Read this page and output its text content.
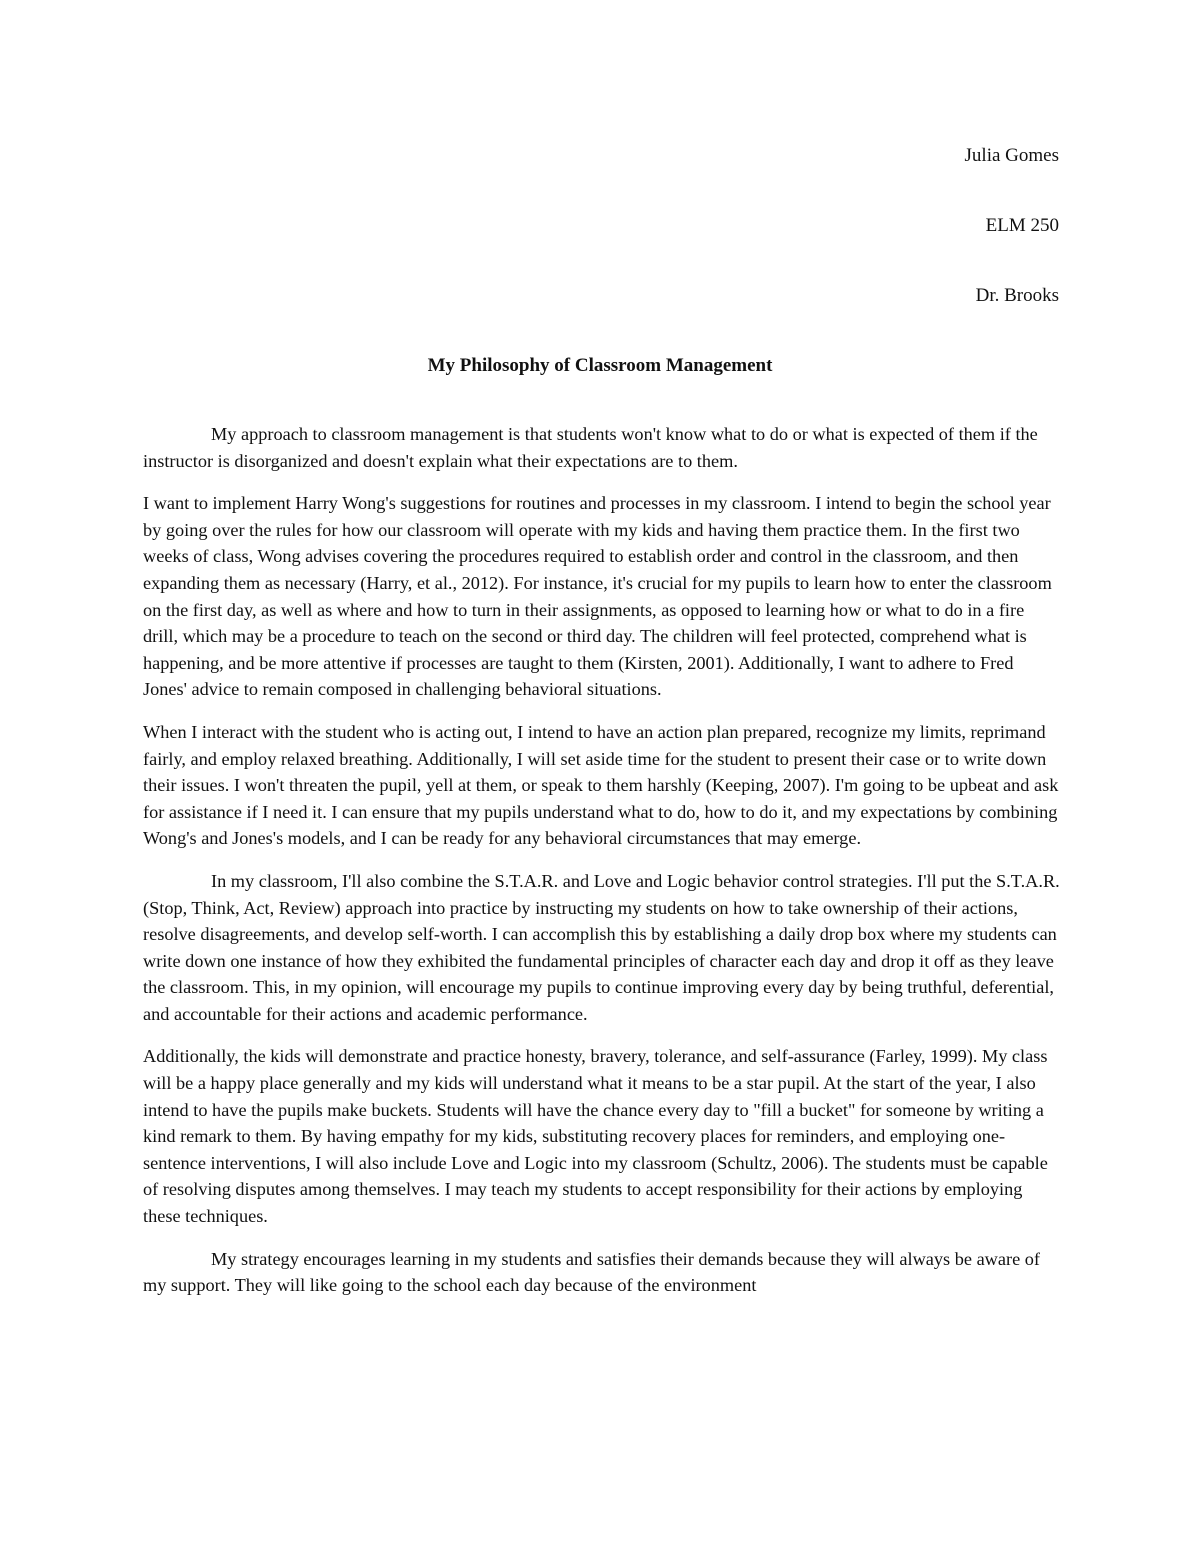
Julia Gomes
ELM 250
Dr. Brooks
My Philosophy of Classroom Management

My approach to classroom management is that students won't know what to do or what is expected of them if the instructor is disorganized and doesn't explain what their expectations are to them.

I want to implement Harry Wong's suggestions for routines and processes in my classroom. I intend to begin the school year by going over the rules for how our classroom will operate with my kids and having them practice them. In the first two weeks of class, Wong advises covering the procedures required to establish order and control in the classroom, and then expanding them as necessary (Harry, et al., 2012). For instance, it's crucial for my pupils to learn how to enter the classroom on the first day, as well as where and how to turn in their assignments, as opposed to learning how or what to do in a fire drill, which may be a procedure to teach on the second or third day. The children will feel protected, comprehend what is happening, and be more attentive if processes are taught to them (Kirsten, 2001). Additionally, I want to adhere to Fred Jones' advice to remain composed in challenging behavioral situations.

When I interact with the student who is acting out, I intend to have an action plan prepared, recognize my limits, reprimand fairly, and employ relaxed breathing. Additionally, I will set aside time for the student to present their case or to write down their issues. I won't threaten the pupil, yell at them, or speak to them harshly (Keeping, 2007). I'm going to be upbeat and ask for assistance if I need it. I can ensure that my pupils understand what to do, how to do it, and my expectations by combining Wong's and Jones's models, and I can be ready for any behavioral circumstances that may emerge.

In my classroom, I'll also combine the S.T.A.R. and Love and Logic behavior control strategies. I'll put the S.T.A.R. (Stop, Think, Act, Review) approach into practice by instructing my students on how to take ownership of their actions, resolve disagreements, and develop self-worth. I can accomplish this by establishing a daily drop box where my students can write down one instance of how they exhibited the fundamental principles of character each day and drop it off as they leave the classroom. This, in my opinion, will encourage my pupils to continue improving every day by being truthful, deferential, and accountable for their actions and academic performance.

Additionally, the kids will demonstrate and practice honesty, bravery, tolerance, and self-assurance (Farley, 1999). My class will be a happy place generally and my kids will understand what it means to be a star pupil. At the start of the year, I also intend to have the pupils make buckets. Students will have the chance every day to "fill a bucket" for someone by writing a kind remark to them. By having empathy for my kids, substituting recovery places for reminders, and employing one-sentence interventions, I will also include Love and Logic into my classroom (Schultz, 2006). The students must be capable of resolving disputes among themselves. I may teach my students to accept responsibility for their actions by employing these techniques.

My strategy encourages learning in my students and satisfies their demands because they will always be aware of my support. They will like going to the school each day because of the environment
